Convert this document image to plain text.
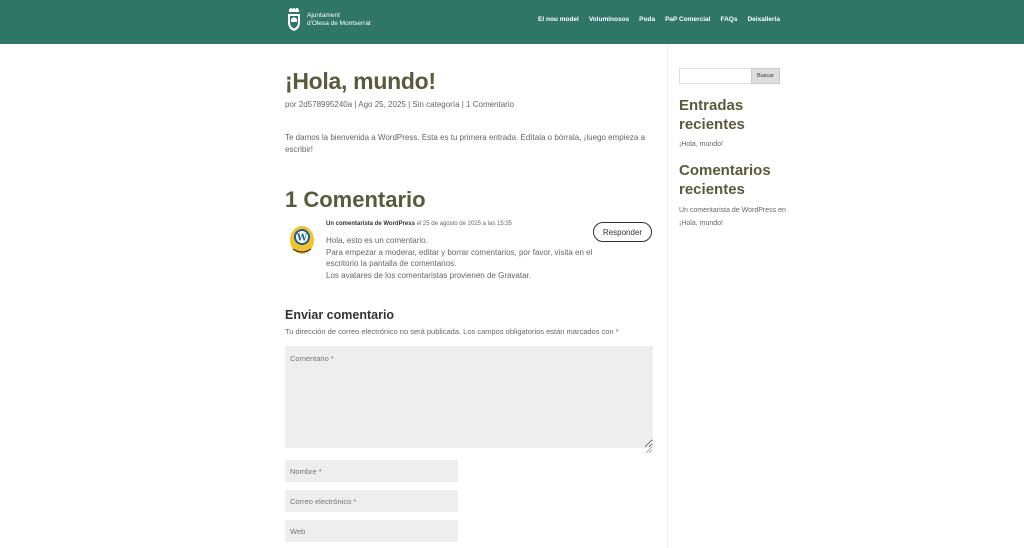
Ajuntament
d'Olesa de Montserrat
El nou model Voluminosos Poda PaP Comercial FAQs Deixalleria
¡Hola, mundo!
por 2d578995240a | Ago 25, 2025 | Sin categoría | 1 Comentario

Te damos la bienvenida a WordPress. Esta es tu primera entrada. Edítala o bórrala, ¡luego empieza a escribir!

1 Comentario
W
Un comentarista de WordPress el 25 de agosto de 2025 a las 15:35
Hola, esto es un comentario.
Para empezar a moderar, editar y borrar comentarios, por favor, visita en el escritorio la pantalla de comentarios.
Los avatares de los comentaristas provienen de Gravatar.
Responder
Enviar comentario
Tu dirección de correo electrónico no será publicada. Los campos obligatorios están marcados con *
Comentario *
Nombre *
Correo electrónico *
Web
Buscar
Entradas recientes
¡Hola, mundo!
Comentarios recientes
Un comentarista de WordPress en ¡Hola, mundo!
